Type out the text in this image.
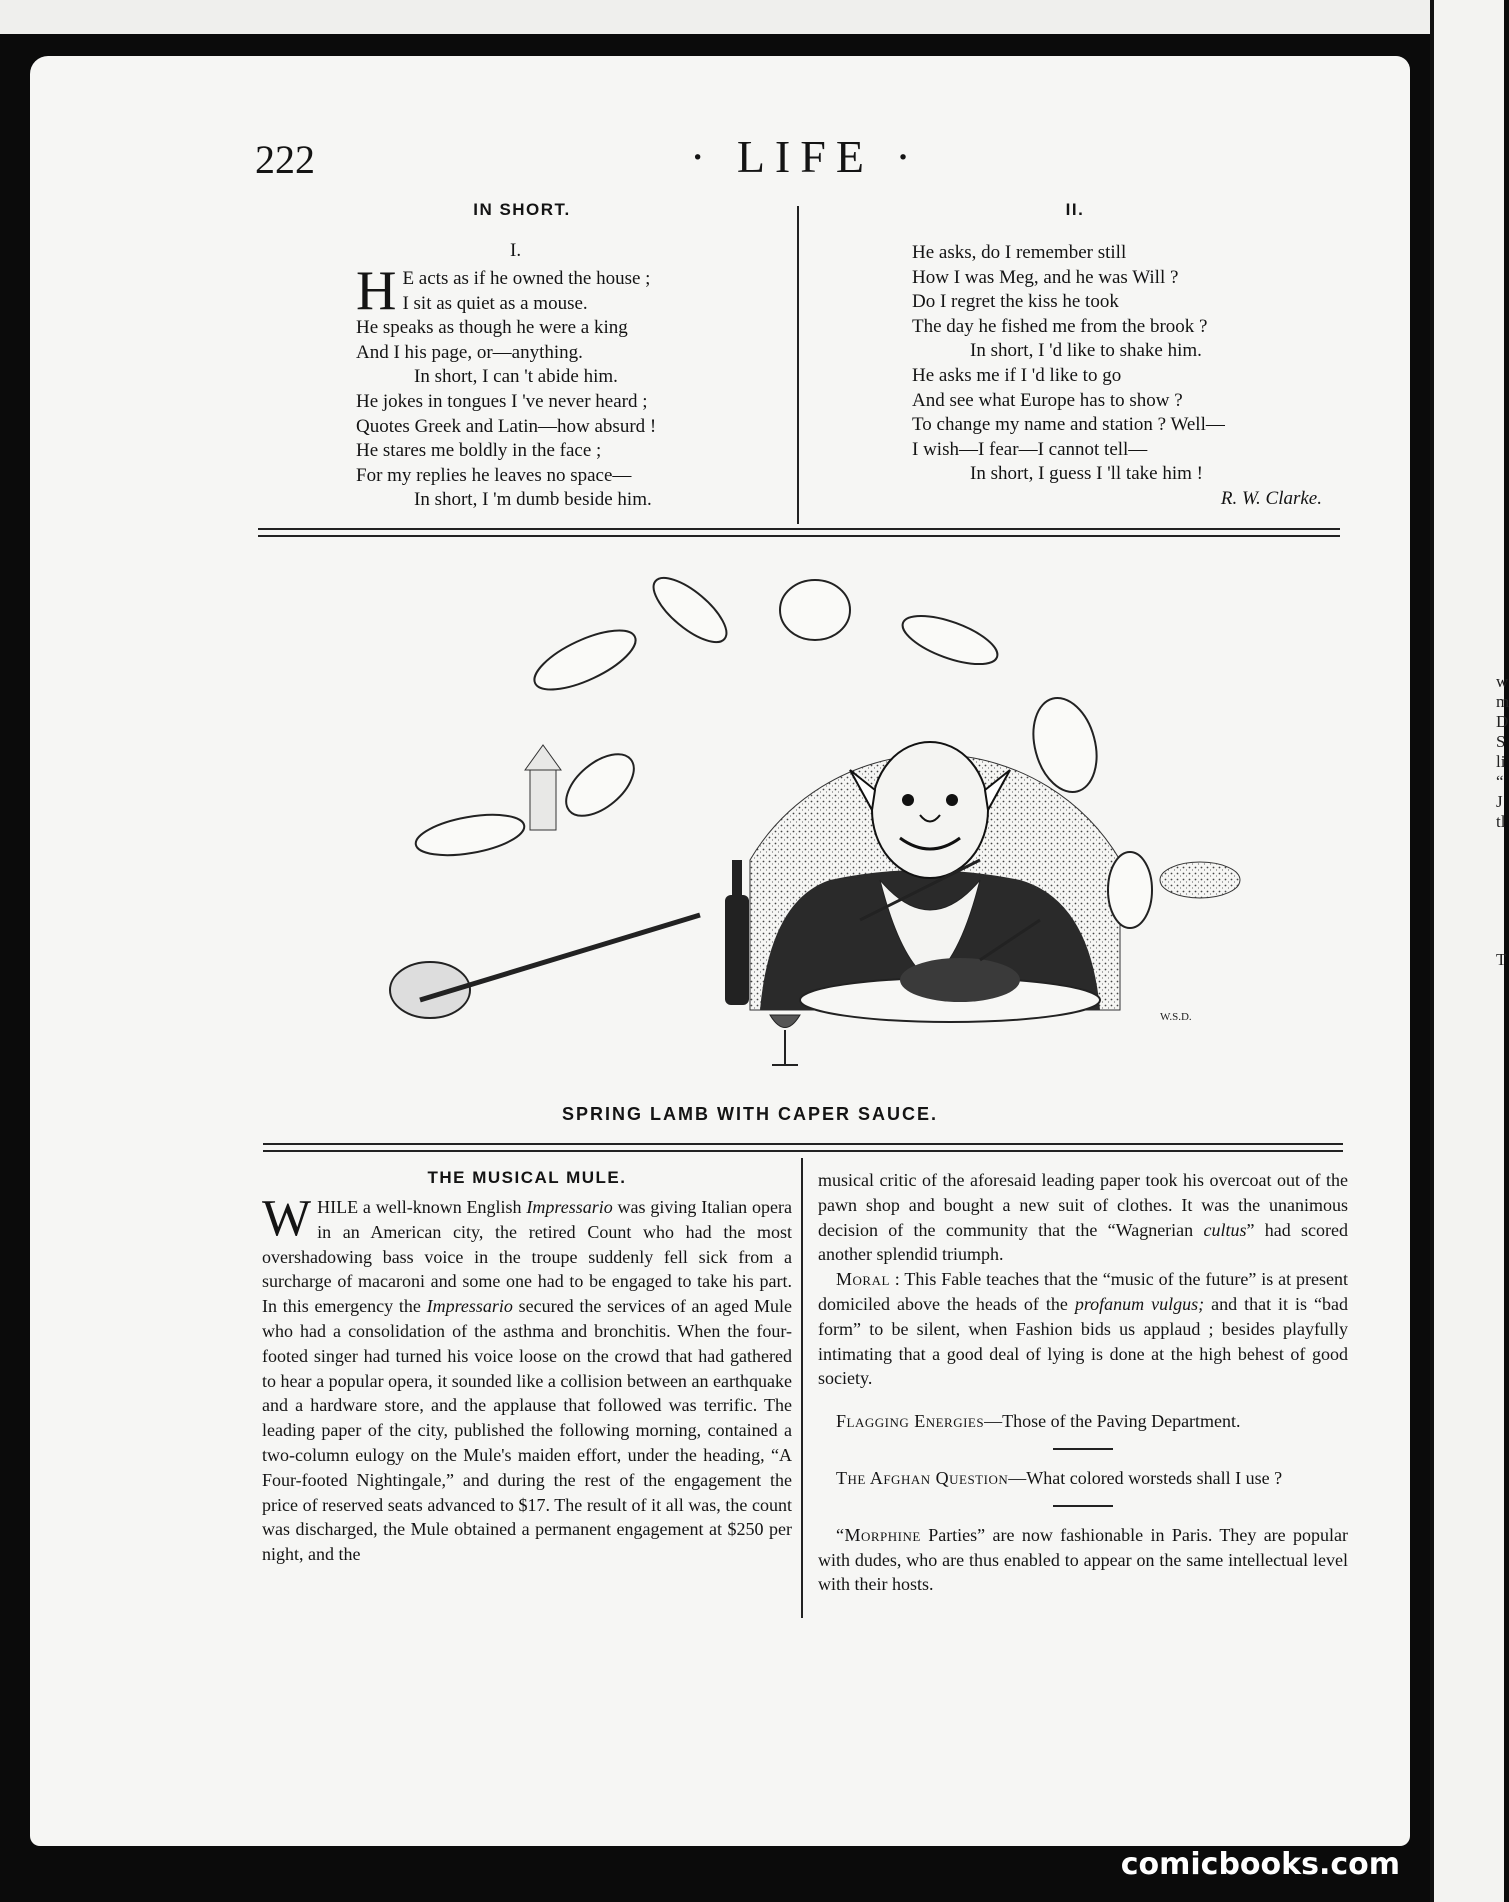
w
m
D
S
li
“
J
tl
T
222	· LIFE ·
IN SHORT.
I.
H E acts as if he owned the house ;
I sit as quiet as a mouse.
He speaks as though he were a king
And I his page, or—anything.
In short, I can 't abide him.
He jokes in tongues I 've never heard ;
Quotes Greek and Latin—how absurd !
He stares me boldly in the face ;
For my replies he leaves no space—
In short, I 'm dumb beside him.
II.
He asks, do I remember still
How I was Meg, and he was Will ?
Do I regret the kiss he took
The day he fished me from the brook ?
In short, I 'd like to shake him.
He asks me if I 'd like to go
And see what Europe has to show ?
To change my name and station ? Well—
I wish—I fear—I cannot tell—
In short, I guess I 'll take him !
R. W. Clarke.
W.S.D.
SPRING LAMB WITH CAPER SAUCE.
THE MUSICAL MULE.

WHILE a well-known English Impressario was giving Italian opera in an American city, the retired Count who had the most overshadowing bass voice in the troupe suddenly fell sick from a surcharge of macaroni and some one had to be engaged to take his part. In this emergency the Impressario secured the services of an aged Mule who had a consolidation of the asthma and bronchitis. When the four-footed singer had turned his voice loose on the crowd that had gathered to hear a popular opera, it sounded like a collision between an earthquake and a hardware store, and the applause that followed was terrific. The leading paper of the city, published the following morning, contained a two-column eulogy on the Mule's maiden effort, under the heading, “A Four-footed Nightingale,” and during the rest of the engagement the price of reserved seats advanced to $17. The result of it all was, the count was discharged, the Mule obtained a permanent engagement at $250 per night, and the

musical critic of the aforesaid leading paper took his overcoat out of the pawn shop and bought a new suit of clothes. It was the unanimous decision of the community that the “Wagnerian cultus” had scored another splendid triumph.

Moral : This Fable teaches that the “music of the future” is at present domiciled above the heads of the profanum vulgus; and that it is “bad form” to be silent, when Fashion bids us applaud ; besides playfully intimating that a good deal of lying is done at the high behest of good society.

Flagging Energies—Those of the Paving Department.

The Afghan Question—What colored worsteds shall I use ?

“Morphine Parties” are now fashionable in Paris. They are popular with dudes, who are thus enabled to appear on the same intellectual level with their hosts.

comicbooks.com
